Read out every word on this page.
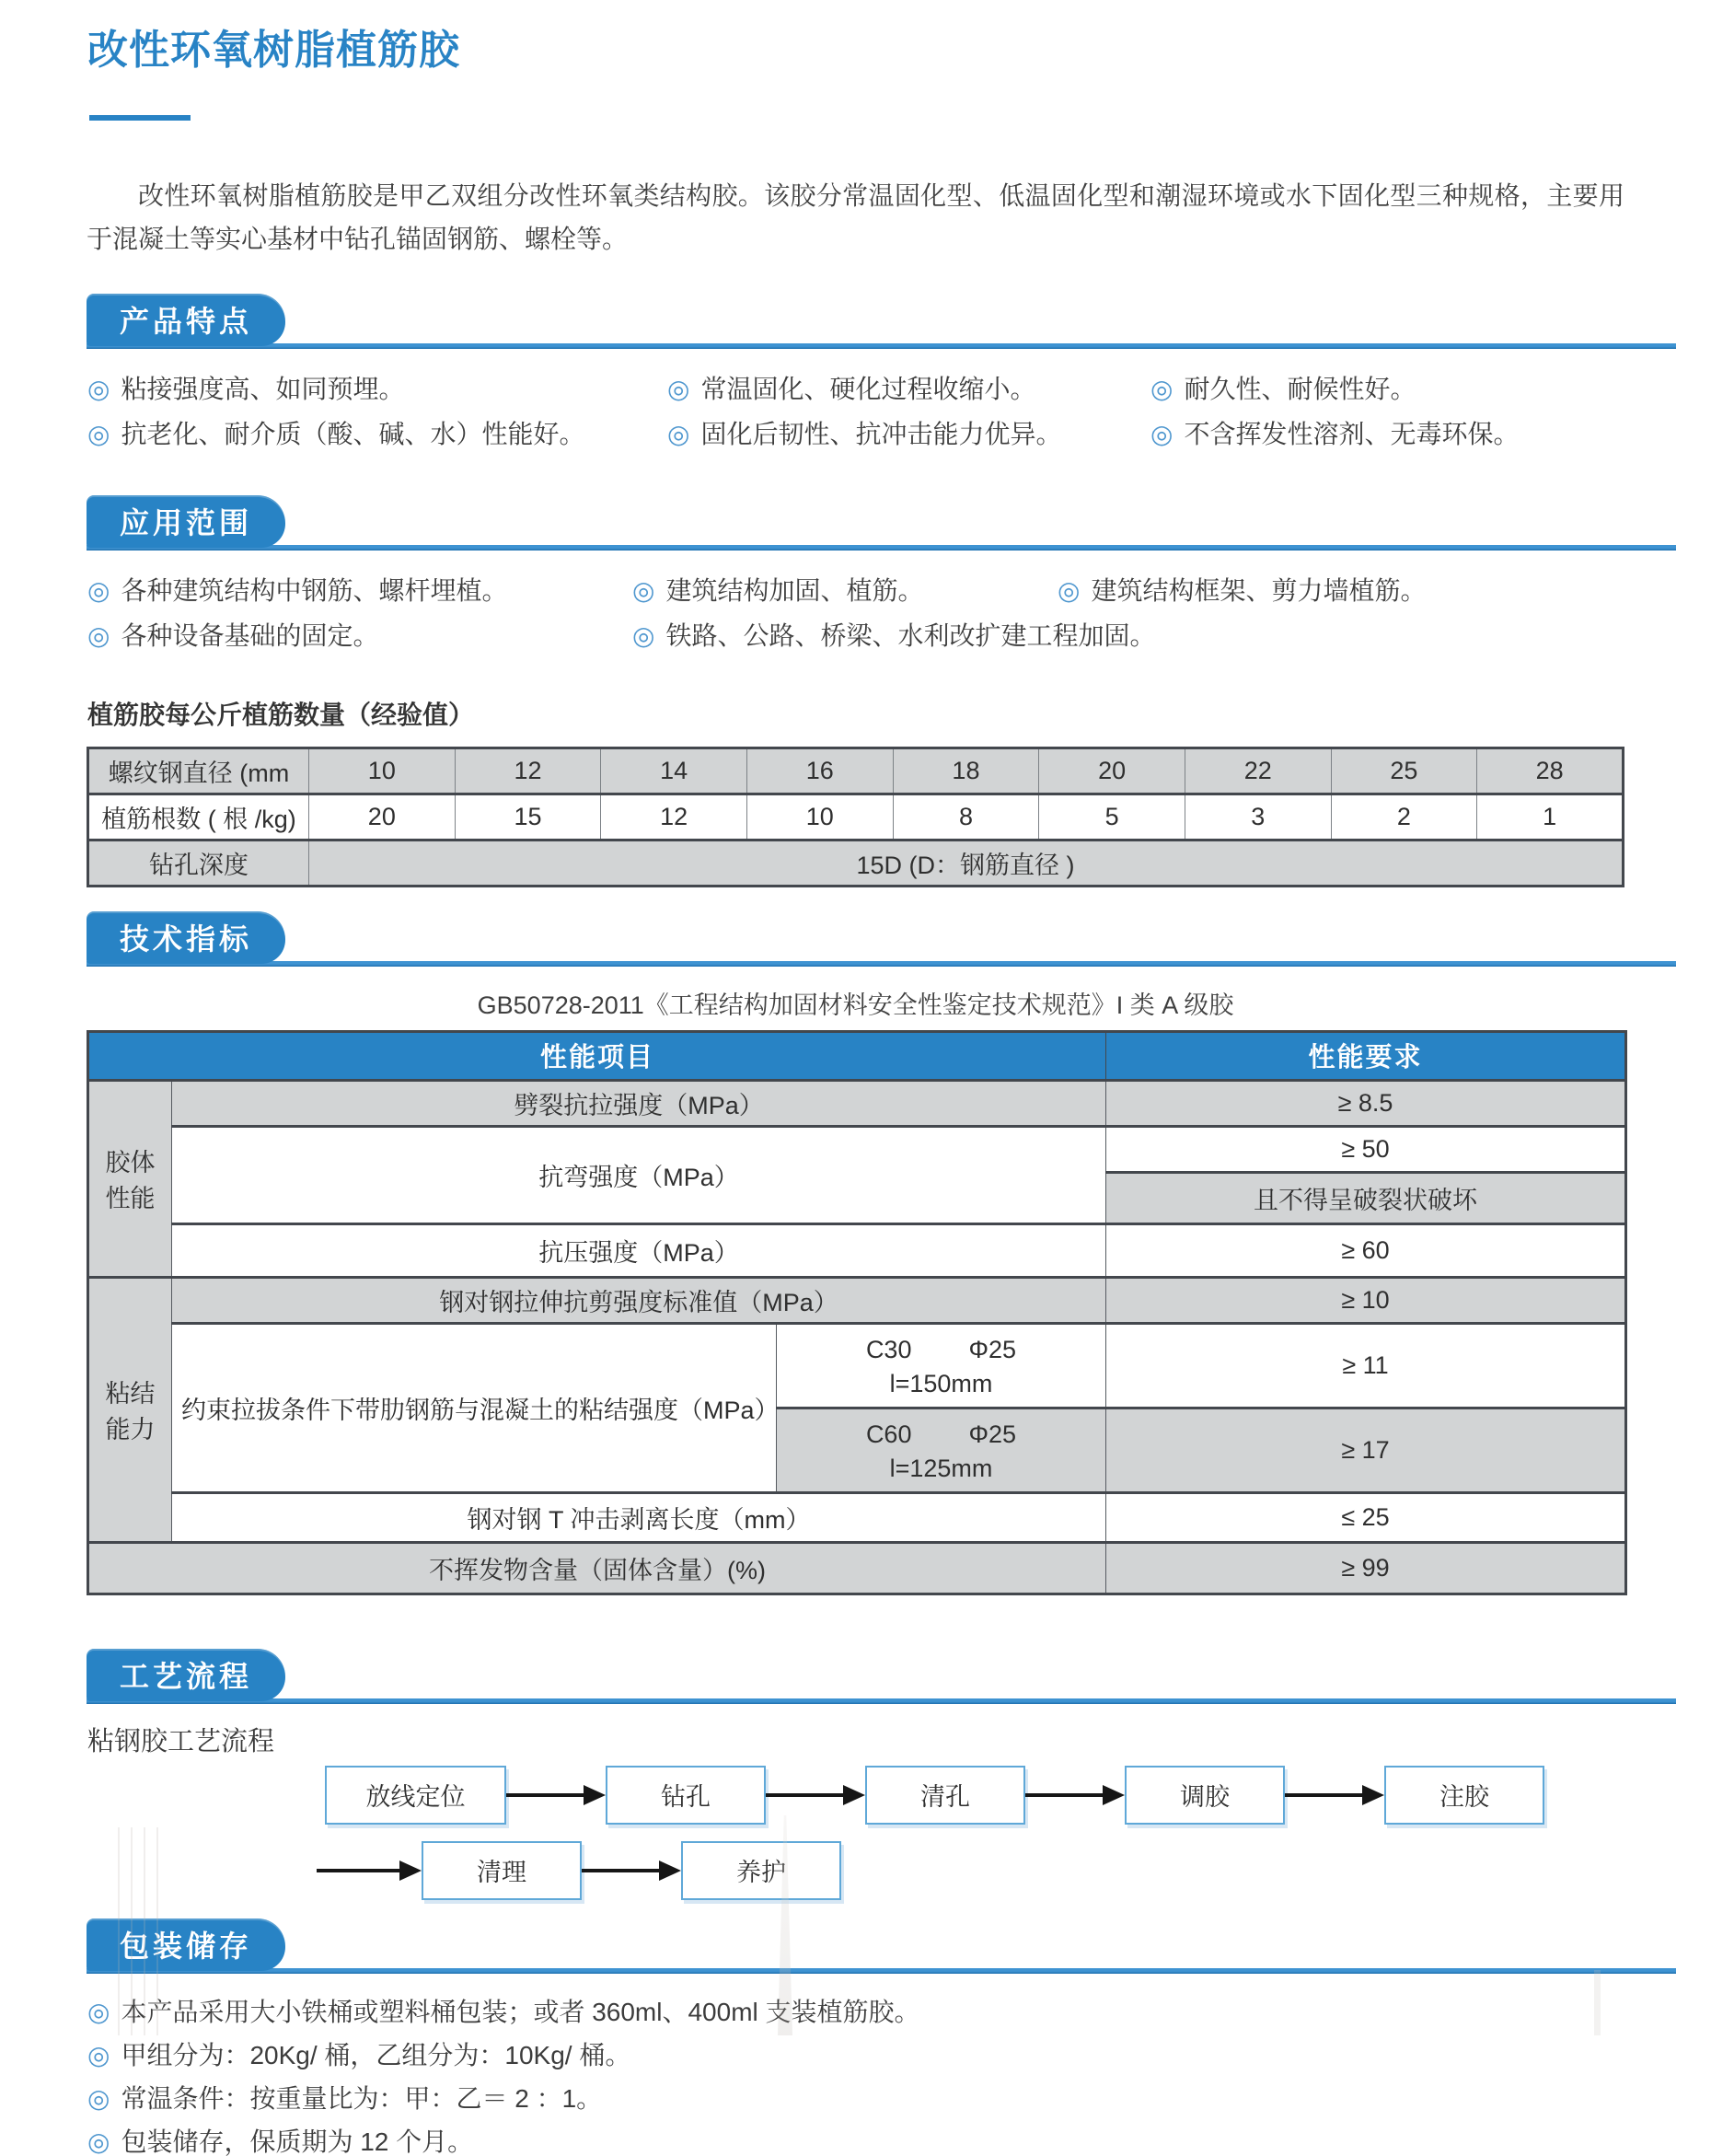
改性环氧树脂植筋胶

改性环氧树脂植筋胶是甲乙双组分改性环氧类结构胶。该胶分常温固化型、低温固化型和潮湿环境或水下固化型三种规格，主要用于混凝土等实心基材中钻孔锚固钢筋、螺栓等。

产品特点
◎ 粘接强度高、如同预埋。	◎ 常温固化、硬化过程收缩小。	◎ 耐久性、耐候性好。
◎ 抗老化、耐介质（酸、碱、水）性能好。	◎ 固化后韧性、抗冲击能力优异。	◎ 不含挥发性溶剂、无毒环保。
应用范围
◎ 各种建筑结构中钢筋、螺杆埋植。	◎ 建筑结构加固、植筋。	◎ 建筑结构框架、剪力墙植筋。
◎ 各种设备基础的固定。	◎ 铁路、公路、桥梁、水利改扩建工程加固。
植筋胶每公斤植筋数量（经验值）
螺纹钢直径 (mm	10	12	14	16	18	20	22	25	28
植筋根数 ( 根 /kg)	20	15	12	10	8	5	3	2	1
钻孔深度	15D (D：钢筋直径 )								
技术指标
GB50728-2011《工程结构加固材料安全性鉴定技术规范》I 类 A 级胶
性能项目			性能要求
胶体性能	劈裂抗拉强度（MPa）		≥ 8.5
	抗弯强度（MPa）		≥ 50
			且不得呈破裂状破坏
	抗压强度（MPa）		≥ 60
粘结能力	钢对钢拉伸抗剪强度标准值（MPa）		≥ 10
	约束拉拔条件下带肋钢筋与混凝土的粘结强度（MPa）	C30 Φ25
l=150mm	≥ 11

		C60 Φ25
l=125mm	≥ 17
	钢对钢 T 冲击剥离长度（mm）		≤ 25
不挥发物含量（固体含量）(%)			≥ 99
工艺流程
粘钢胶工艺流程
放线定位	钻孔	清孔	调胶	注胶
清理	养护
包装储存
◎ 本产品采用大小铁桶或塑料桶包装；或者 360ml、400ml 支装植筋胶。
◎ 甲组分为：20Kg/ 桶，乙组分为：10Kg/ 桶。
◎ 常温条件：按重量比为：甲：乙＝ 2 ：1。
◎ 包装储存，保质期为 12 个月。
